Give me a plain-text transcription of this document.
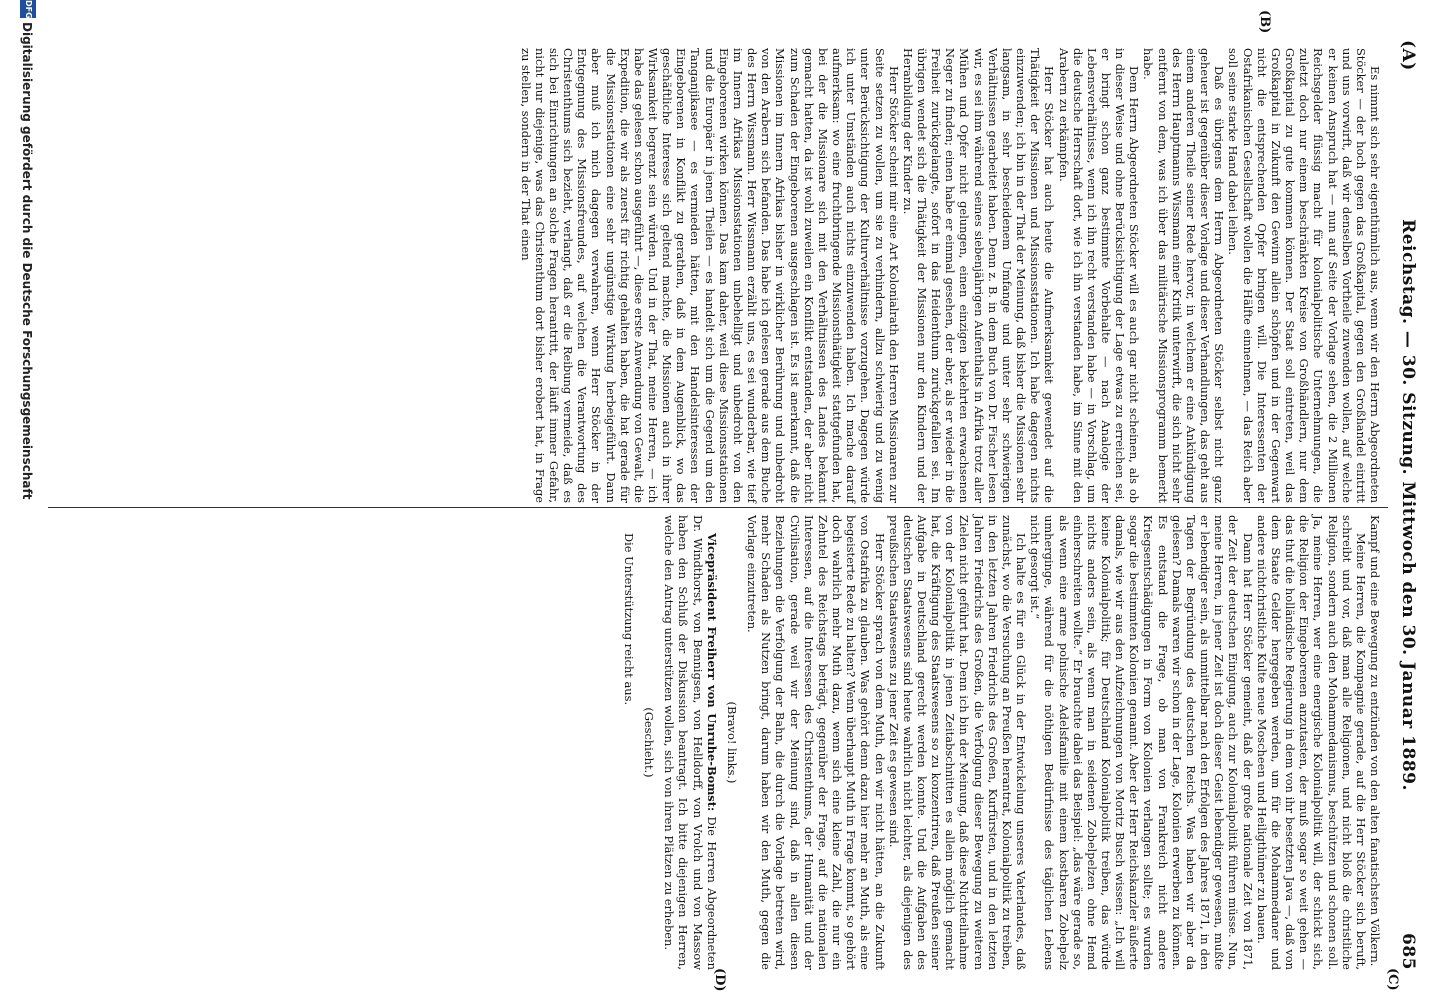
(A)
Reichstag. — 30. Sitzung. Mittwoch den 30. Januar 1889.
685
(B)
(C)
(D)

Es nimmt sich sehr eigenthümlich aus, wenn wir den Herrn Abgeordneten Stöcker — der hoch gegen das Großkapital, gegen den Großhandel eintritt und uns vorwirft, daß wir denselben Vortheile zuwenden wollen, auf welche er keinen Anspruch hat — nun auf Seite der Vorlage sehen, die 2 Millionen Reichsgelder flüssig macht für kolonialpolitische Unternehmungen, die zuletzt doch nur einem beschränkten Kreise von Großhändlern, nur dem Großkapital zu gute kommen können. Der Staat soll eintreten, weil das Großkapital in Zukunft den Gewinn allein schöpfen und in der Gegenwart nicht die entsprechenden Opfer bringen will. Die Interessenten der Ostafrikanischen Gesellschaft wollen die Hälfte einnehmen, — das Reich aber soll seine starke Hand dabei leihen.

Daß es übrigens dem Herrn Abgeordneten Stöcker selbst nicht ganz geheuer ist gegenüber dieser Vorlage und dieser Verhandlungen, das geht aus einem anderen Theile seiner Rede hervor, in welchem er eine Ankündigung des Herrn Hauptmanns Wissmann einer Kritik unterwirft, die sich nicht sehr entfernt von dem, was ich über das militärische Missionsprogramm bemerkt habe.

Dem Herrn Abgeordneten Stöcker will es auch gar nicht scheinen, als ob in dieser Weise und ohne Berücksichtigung der Lage etwas zu erreichen sei, er bringt schon ganz bestimmte Vorbehalte — nach Analogie der Lebensverhältnisse, wenn ich ihn recht verstanden habe — in Vorschlag, um die deutsche Herrschaft dort, wie ich ihn verstanden habe, im Sinne mit den Arabern zu erkämpfen.

Herr Stöcker hat auch heute die Aufmerksamkeit gewendet auf die Thätigkeit der Missionen und Missionsstationen. Ich habe dagegen nichts einzuwenden; ich bin in der That der Meinung, daß bisher die Missionen sehr langsam, in sehr bescheidenem Umfange und unter sehr schwierigen Verhältnissen gearbeitet haben. Denn z. B. in dem Buch von Dr. Fischer lesen wir, es sei ihm während seines siebenjährigen Aufenthalts in Afrika trotz aller Mühen und Opfer nicht gelungen, einen einzigen bekehrten erwachsenen Neger zu finden; einen habe er einmal gesehen, der aber, als er wieder in die Freiheit zurückgelangte, sofort in das Heidenthum zurückgefallen sei. Im übrigen wendet sich die Thätigkeit der Missionen nur den Kindern und der Heranbildung der Kinder zu.

Herr Stöcker scheint mir eine Art Kolonialrath den Herren Missionaren zur Seite setzen zu wollen, um sie zu verhindern, allzu schwierig und zu wenig unter Berücksichtigung der Kulturverhältnisse vorzugehen. Dagegen würde ich unter Umständen auch nichts einzuwenden haben. Ich mache darauf aufmerksam: wo eine fruchtbringende Missionsthätigkeit stattgefunden hat, bei der die Missionare sich mit den Verhältnissen des Landes bekannt gemacht hatten, da ist wohl zuweilen ein Konflikt entstanden, der aber nicht zum Schaden der Eingeborenen ausgeschlagen ist. Es ist anerkannt, daß die Missionen im Innern Afrikas bisher in wirklicher Berührung und unbedroht von den Arabern sich befanden. Das habe ich gelesen gerade aus dem Buche des Herrn Wissmann. Herr Wissmann erzählt uns, es sei wunderbar, wie tief im Innern Afrikas Missionsstationen unbehelligt und unbedroht von den Eingeborenen wirken können. Das kam daher, weil diese Missionsstationen und die Europäer in jenen Theilen — es handelt sich um die Gegend um den Tanganjikasee — es vermieden hätten, mit den Handelsinteressen der Eingeborenen in Konflikt zu gerathen, daß in dem Augenblick, wo das geschäftliche Interesse sich geltend machte, die Missionen auch in ihrer Wirksamkeit begrenzt sein würden. Und in der That, meine Herren, — ich habe das gelesen schon ausgeführt —, diese erste Anwendung von Gewalt, die Expedition, die wir als zuerst für richtig gehalten haben, die hat gerade für die Missionsstationen eine sehr ungünstige Wirkung herbeigeführt. Dann aber muß ich mich dagegen verwahren, wenn Herr Stöcker in der Entgegnung des Missionsfreundes, auf welchen die Verantwortung des Christenthums sich bezieht, verlangt, daß er die Reibung vermeide, daß es sich bei Einrichtungen an solche Fragen herantritt, der läuft immer Gefahr, nicht nur diejenige, was das Christenthum dort bisher erobert hat, in Frage zu stellen, sondern in der That einen

Kampf und eine Bewegung zu entzünden von den alten fanatischsten Völkern.

Meine Herren, die Kompagnie gerade, auf die Herr Stöcker sich beruft, schreibt und vor, daß man alle Religionen, und nicht bloß die christliche Religion, sondern auch den Mohammedanismus, beschützen und schonen soll. Ja, meine Herren, wer eine energische Kolonialpolitik will, der schickt sich, die Religion der Eingeborenen anzutasten, der muß sogar so weit gehen — das thut die holländische Regierung in dem von ihr besetzten Java —, daß von dem Staate Gelder hergegeben werden, um für die Mohammedaner und andere nichtchristliche Kulte neue Moscheen und Heiligthümer zu bauen.

Dann hat Herr Stöcker gemeint, daß der große nationale Zeit von 1871, der Zeit der deutschen Einigung, auch zur Kolonialpolitik führen müsse. Nun, meine Herren, in jener Zeit ist doch dieser Geist lebendiger gewesen, mußte er lebendiger sein, als unmittelbar nach den Erfolgen des Jahres 1871, in den Tagen der Begründung des deutschen Reichs. Was haben wir aber da gelesen? Damals waren wir schon in der Lage, Kolonien erwerben zu können. Es entstand die Frage, ob man von Frankreich nicht andere Kriegsentschädigungen in Form von Kolonien verlangen sollte; es wurden sogar die bestimmten Kolonien genannt. Aber der Herr Reichskanzler äußerte damals, wie wir aus den Aufzeichnungen von Moritz Busch wissen: „Ich will keine Kolonialpolitik; für Deutschland Kolonialpolitik treiben, das würde nichts anders sein, als wenn man in seidenen Zobelpelzen ohne Hemd einherschreiten wollte.“ Er brauchte dabei das Beispiel: „das wäre gerade so, als wenn eine arme polnische Adelsfamilie mit einem kostbaren Zobelpelz umherginge, während für die nöthigen Bedürfnisse des täglichen Lebens nicht gesorgt ist.“

Ich halte es für ein Glück in der Entwickelung unseres Vaterlandes, daß zunächst, wo die Versuchung an Preußen herantrat, Kolonialpolitik zu treiben, in den letzten Jahren Friedrichs des Großen, Kurfürsten, und in den letzten Jahren Friedrichs des Großen, die Verfolgung dieser Bewegung zu weiteren Zielen nicht geführt hat. Denn ich bin der Meinung, daß diese Nichtteilnahme von der Kolonialpolitik in jenen Zeitabschnitten es allein möglich gemacht hat, die Kräftigung des Staatswesens so zu konzentriren, daß Preußen seiner Aufgabe in Deutschland gerecht werden konnte. Und die Aufgaben des deutschen Staatswesens sind heute wahrlich nicht leichter, als diejenigen des preußischen Staatswesens zu jener Zeit es gewesen sind.

Herr Stöcker sprach von dem Muth, den wir nicht hätten, an die Zukunft von Ostafrika zu glauben. Was gehört denn dazu hier mehr an Muth, als eine begeisterte Rede zu halten? Wenn überhaupt Muth in Frage kommt, so gehört doch wahrlich mehr Muth dazu, wenn sich eine kleine Zahl, die nur ein Zehntel des Reichstags beträgt, gegenüber der Frage, auf die nationalen Interessen, auf die Interessen des Christenthums, der Humanität und der Civilisation, gerade weil wir der Meinung sind, daß in allen diesen Beziehungen die Verfolgung der Bahn, die durch die Vorlage betreten wird, mehr Schaden als Nutzen bringt, darum haben wir den Muth, gegen die Vorlage einzutreten.

(Bravo! links.)

Vicepräsident Freiherr von Unruhe-Bomst: Die Herren Abgeordneten Dr. Windthorst, von Bennigsen, von Helldorff, von Vrolch und von Massow haben den Schluß der Diskussion beantragt. Ich bitte diejenigen Herren, welche den Antrag unterstützen wollen, sich von ihren Plätzen zu erheben.

(Geschieht.)

Die Unterstützung reicht aus.

DFG
Digitalisierung gefördert durch die Deutsche Forschungsgemeinschaft
